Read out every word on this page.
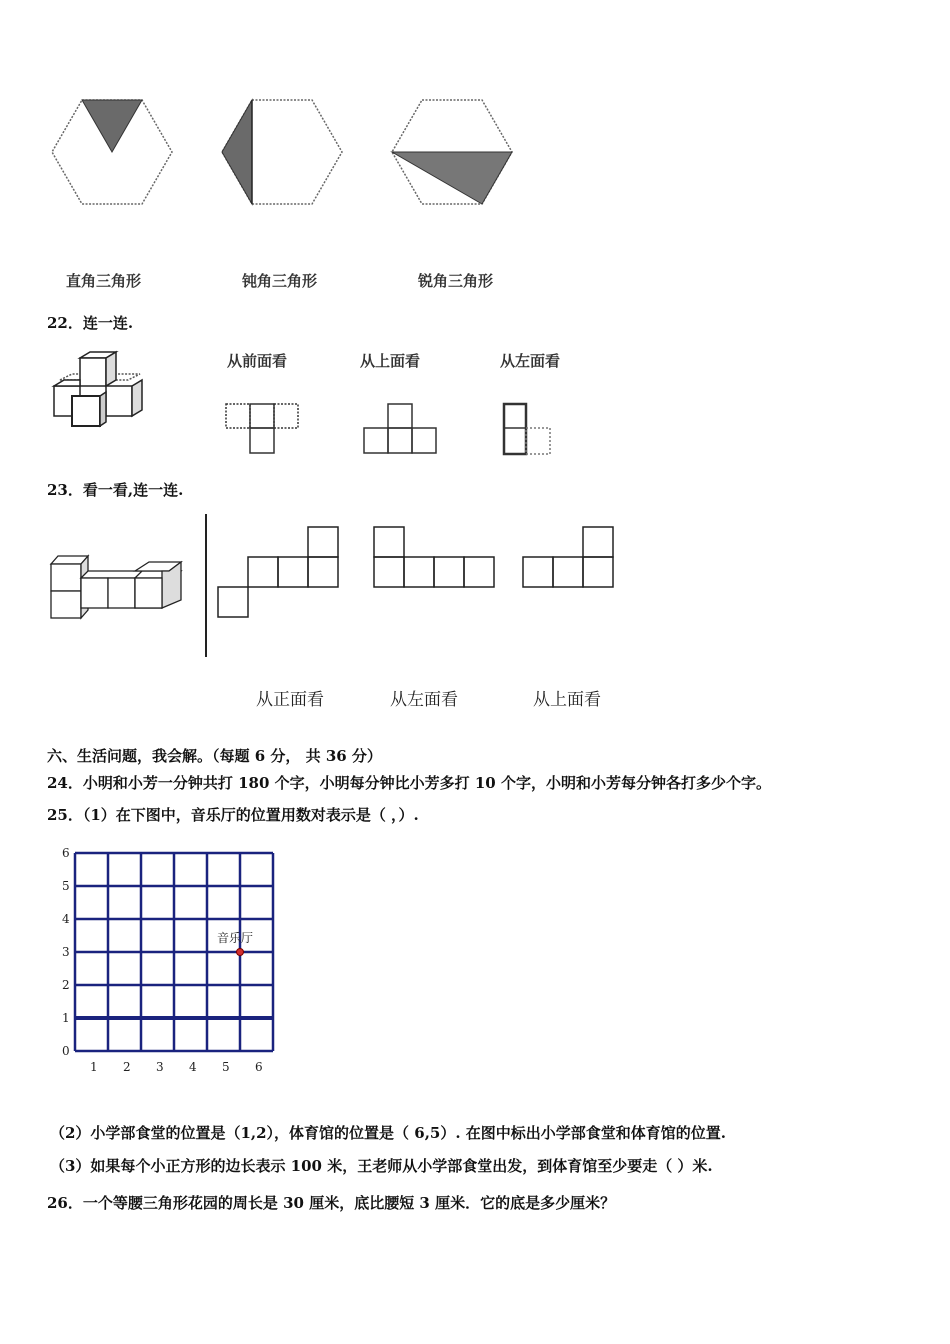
直角三角形	钝角三角形	锐角三角形
22．连一连.
从前面看	从上面看	从左面看
23．看一看,连一连.
从正面看	从左面看	从上面看
六、生活问题，我会解。（每题 6 分， 共 36 分）
24．小明和小芳一分钟共打 180 个字，小明每分钟比小芳多打 10 个字，小明和小芳每分钟各打多少个字。
25．（1）在下图中，音乐厅的位置用数对表示是（ ，）.
1 2 3 4 5 6
0
1
2
3
4
5
6
音乐厅
（2）小学部食堂的位置是（1,2），体育馆的位置是（ 6,5）. 在图中标出小学部食堂和体育馆的位置.
（3）如果每个小正方形的边长表示 100 米，王老师从小学部食堂出发，到体育馆至少要走（ ）米.
26．一个等腰三角形花园的周长是 30 厘米，底比腰短 3 厘米．它的底是多少厘米？
